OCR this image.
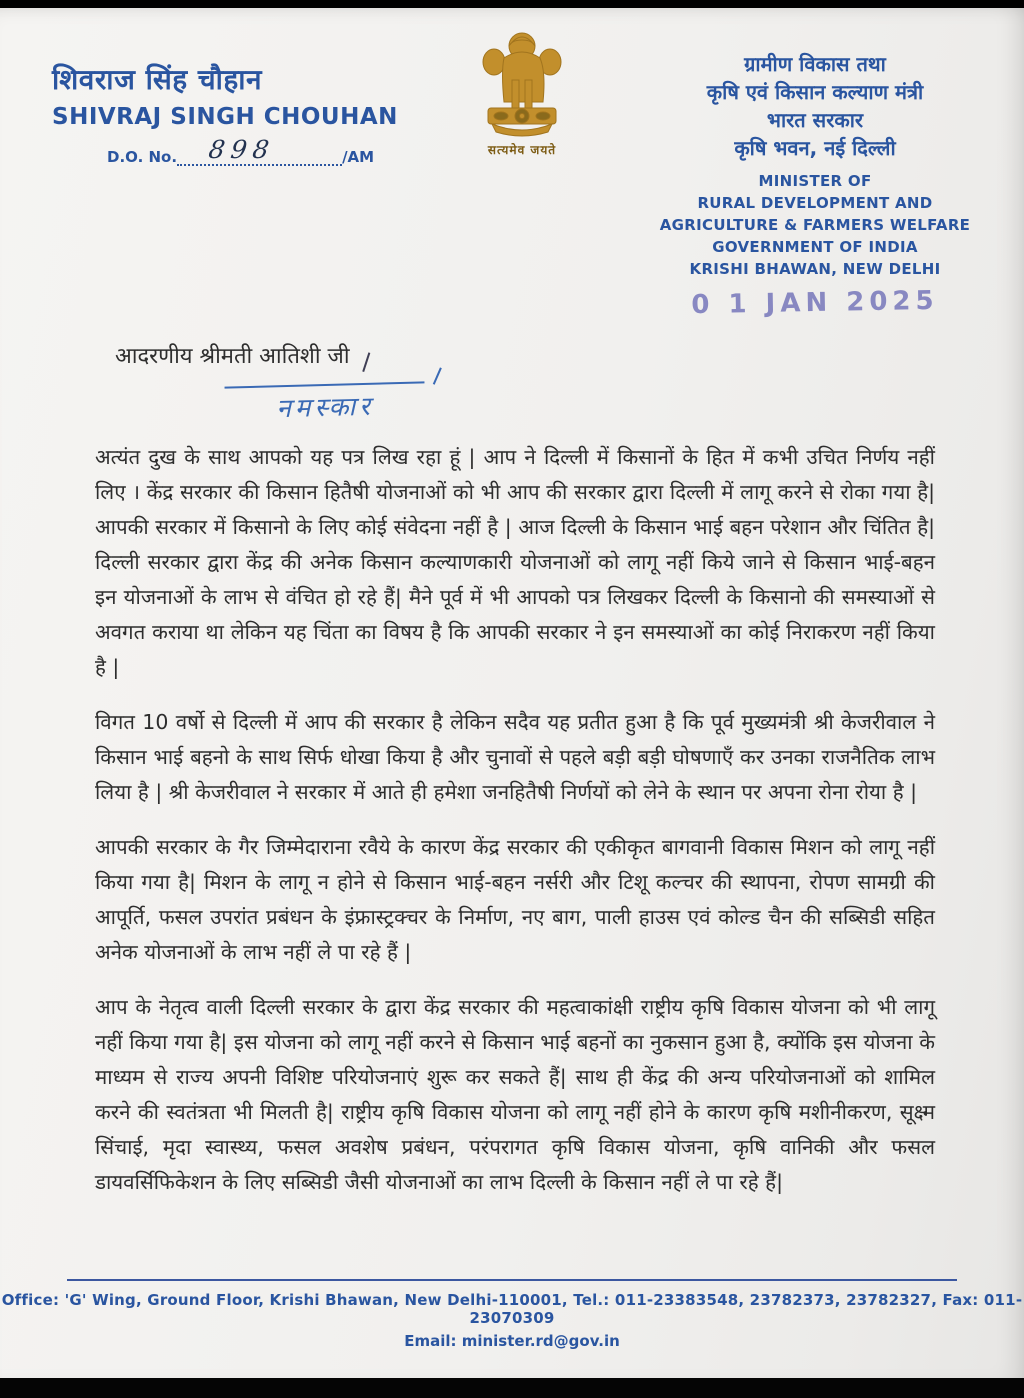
शिवराज सिंह चौहान
SHIVRAJ SINGH CHOUHAN
D.O. No. 898	/AM	सत्यमेव जयते
ग्रामीण विकास तथा
कृषि एवं किसान कल्याण मंत्री
भारत सरकार
कृषि भवन, नई दिल्ली
MINISTER OF
RURAL DEVELOPMENT AND
AGRICULTURE & FARMERS WELFARE
GOVERNMENT OF INDIA
KRISHI BHAWAN, NEW DELHI
0 1 JAN 2025
आदरणीय श्रीमती आतिशी जी
नमस्कार

अत्यंत दुख के साथ आपको यह पत्र लिख रहा हूं | आप ने दिल्ली में किसानों के हित में कभी उचित निर्णय नहीं लिए । केंद्र सरकार की किसान हितैषी योजनाओं को भी आप की सरकार द्वारा दिल्ली में लागू करने से रोका गया है| आपकी सरकार में किसानो के लिए कोई संवेदना नहीं है | आज दिल्ली के किसान भाई बहन परेशान और चिंतित है| दिल्ली सरकार द्वारा केंद्र की अनेक किसान कल्याणकारी योजनाओं को लागू नहीं किये जाने से किसान भाई-बहन इन योजनाओं के लाभ से वंचित हो रहे हैं| मैने पूर्व में भी आपको पत्र लिखकर दिल्ली के किसानो की समस्याओं से अवगत कराया था लेकिन यह चिंता का विषय है कि आपकी सरकार ने इन समस्याओं का कोई निराकरण नहीं किया है |

विगत 10 वर्षो से दिल्ली में आप की सरकार है लेकिन सदैव यह प्रतीत हुआ है कि पूर्व मुख्यमंत्री श्री केजरीवाल ने किसान भाई बहनो के साथ सिर्फ धोखा किया है और चुनावों से पहले बड़ी बड़ी घोषणाएँ कर उनका राजनैतिक लाभ लिया है | श्री केजरीवाल ने सरकार में आते ही हमेशा जनहितैषी निर्णयों को लेने के स्थान पर अपना रोना रोया है |

आपकी सरकार के गैर जिम्मेदाराना रवैये के कारण केंद्र सरकार की एकीकृत बागवानी विकास मिशन को लागू नहीं किया गया है| मिशन के लागू न होने से किसान भाई-बहन नर्सरी और टिशू कल्चर की स्थापना, रोपण सामग्री की आपूर्ति, फसल उपरांत प्रबंधन के इंफ्रास्ट्रक्चर के निर्माण, नए बाग, पाली हाउस एवं कोल्ड चैन की सब्सिडी सहित अनेक योजनाओं के लाभ नहीं ले पा रहे हैं |

आप के नेतृत्व वाली दिल्ली सरकार के द्वारा केंद्र सरकार की महत्वाकांक्षी राष्ट्रीय कृषि विकास योजना को भी लागू नहीं किया गया है| इस योजना को लागू नहीं करने से किसान भाई बहनों का नुकसान हुआ है, क्योंकि इस योजना के माध्यम से राज्य अपनी विशिष्ट परियोजनाएं शुरू कर सकते हैं| साथ ही केंद्र की अन्य परियोजनाओं को शामिल करने की स्वतंत्रता भी मिलती है| राष्ट्रीय कृषि विकास योजना को लागू नहीं होने के कारण कृषि मशीनीकरण, सूक्ष्म सिंचाई, मृदा स्वास्थ्य, फसल अवशेष प्रबंधन, परंपरागत कृषि विकास योजना, कृषि वानिकी और फसल डायवर्सिफिकेशन के लिए सब्सिडी जैसी योजनाओं का लाभ दिल्ली के किसान नहीं ले पा रहे हैं|

Office: 'G' Wing, Ground Floor, Krishi Bhawan, New Delhi-110001, Tel.: 011-23383548, 23782373, 23782327, Fax: 011-23070309
Email: minister.rd@gov.in
